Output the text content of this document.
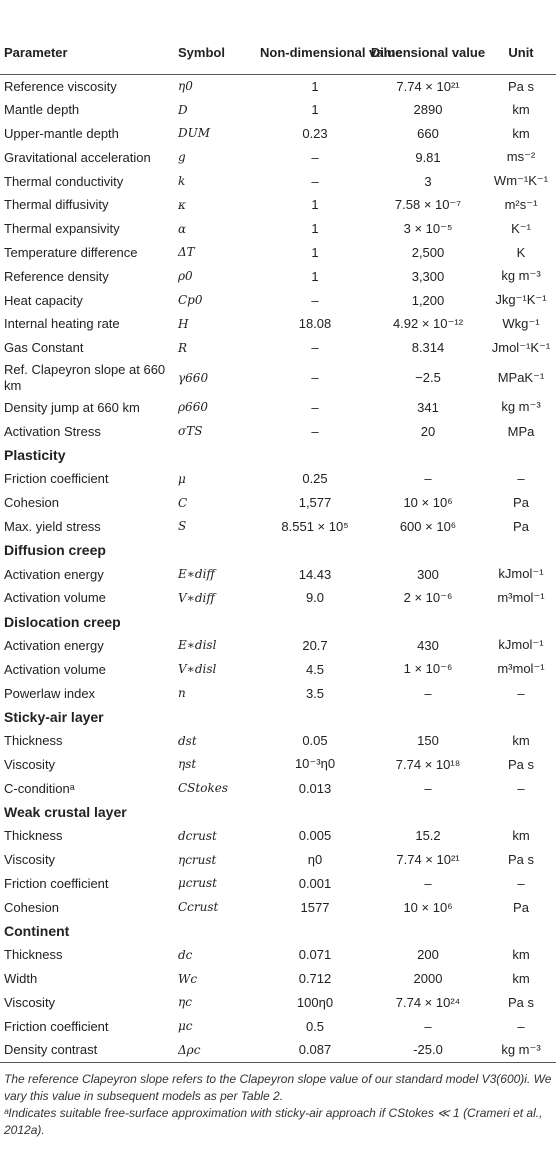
Parameter	Symbol	Non-dimensional value	Dimensional value	Unit
Reference viscosity	η0	1	7.74 × 10²¹	Pa s
Mantle depth	D	1	2890	km
Upper-mantle depth	DUM	0.23	660	km
Gravitational acceleration	g	–	9.81	ms⁻²
Thermal conductivity	k	–	3	Wm⁻¹K⁻¹
Thermal diffusivity	κ	1	7.58 × 10⁻⁷	m²s⁻¹
Thermal expansivity	α	1	3 × 10⁻⁵	K⁻¹
Temperature difference	ΔT	1	2,500	K
Reference density	ρ0	1	3,300	kg m⁻³
Heat capacity	Cp0	–	1,200	Jkg⁻¹K⁻¹
Internal heating rate	H	18.08	4.92 × 10⁻¹²	Wkg⁻¹
Gas Constant	R	–	8.314	Jmol⁻¹K⁻¹
Ref. Clapeyron slope at 660 km	γ660	–	−2.5	MPaK⁻¹
Density jump at 660 km	ρ660	–	341	kg m⁻³
Activation Stress	σTS	–	20	MPa
Plasticity				
Friction coefficient	μ	0.25	–	–
Cohesion	C	1,577	10 × 10⁶	Pa
Max. yield stress	S	8.551 × 10⁵	600 × 10⁶	Pa
Diffusion creep				
Activation energy	E∗diff	14.43	300	kJmol⁻¹
Activation volume	V∗diff	9.0	2 × 10⁻⁶	m³mol⁻¹
Dislocation creep				
Activation energy	E∗disl	20.7	430	kJmol⁻¹
Activation volume	V∗disl	4.5	1 × 10⁻⁶	m³mol⁻¹
Powerlaw index	n	3.5	–	–
Sticky-air layer				
Thickness	dst	0.05	150	km
Viscosity	ηst	10⁻³η0	7.74 × 10¹⁸	Pa s
C-conditionᵃ	CStokes	0.013	–	–
Weak crustal layer				
Thickness	dcrust	0.005	15.2	km
Viscosity	ηcrust	η0	7.74 × 10²¹	Pa s
Friction coefficient	μcrust	0.001	–	–
Cohesion	Ccrust	1577	10 × 10⁶	Pa
Continent				
Thickness	dc	0.071	200	km
Width	Wc	0.712	2000	km
Viscosity	ηc	100η0	7.74 × 10²⁴	Pa s
Friction coefficient	μc	0.5	–	–
Density contrast	Δρc	0.087	-25.0	kg m⁻³

The reference Clapeyron slope refers to the Clapeyron slope value of our standard model V3(600)i. We vary this value in subsequent models as per Table 2.

ᵃIndicates suitable free-surface approximation with sticky-air approach if CStokes ≪ 1 (Crameri et al., 2012a).
